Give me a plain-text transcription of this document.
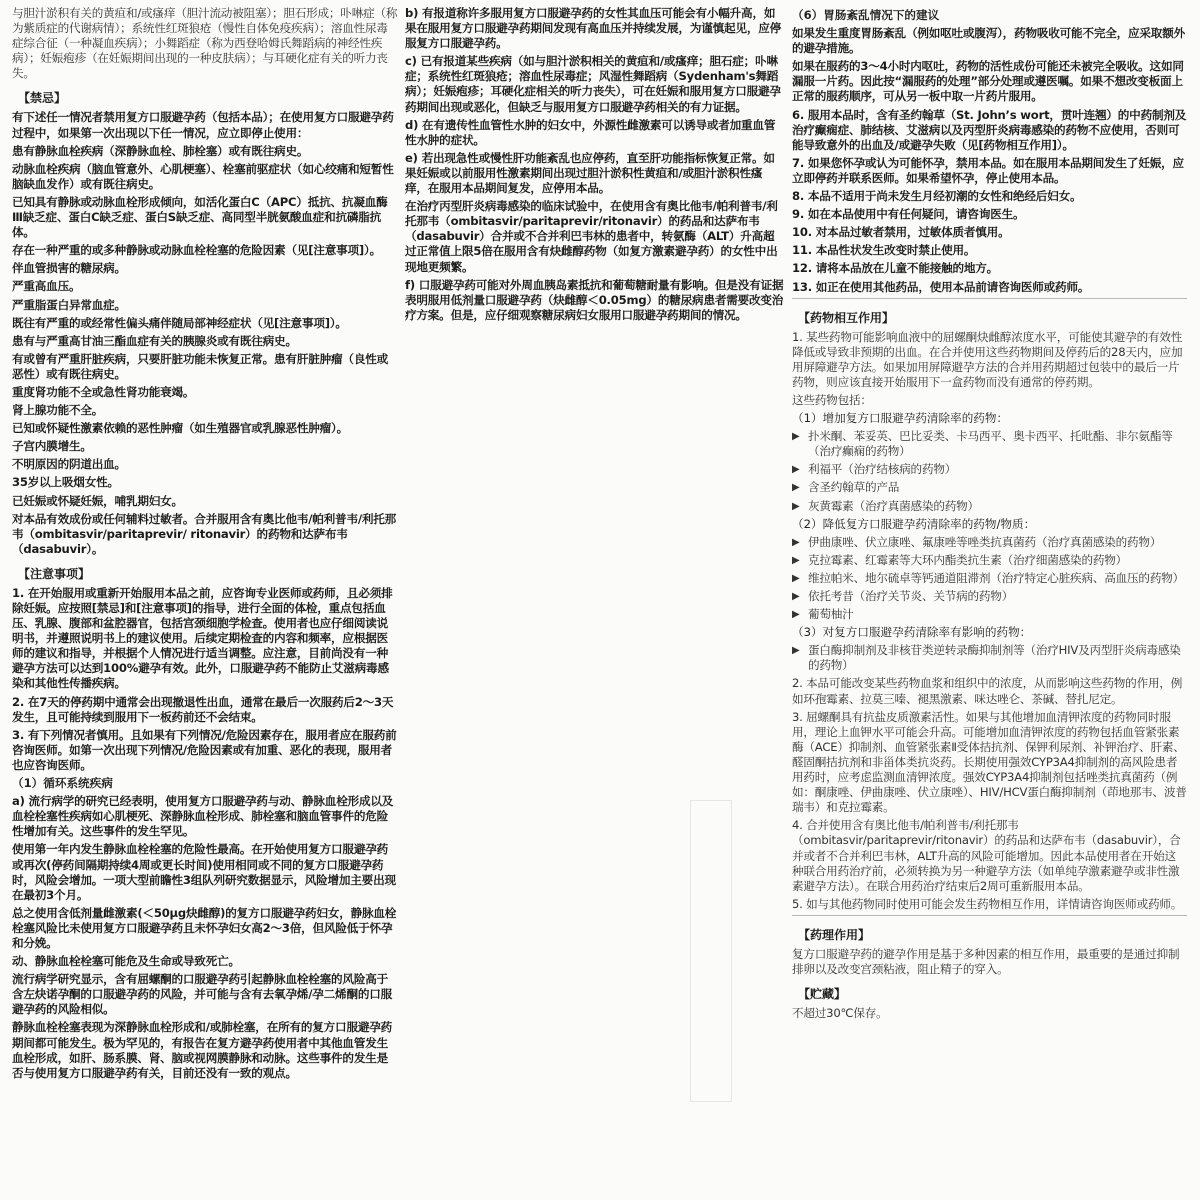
与胆汁淤积有关的黄疸和/或瘙痒（胆汁流动被阻塞）；胆石形成；卟啉症（称为紫质症的代谢病情）；系统性红斑狼疮（慢性自体免疫疾病）；溶血性尿毒症综合征（一种凝血疾病）；小舞蹈症（称为西登哈姆氏舞蹈病的神经性疾病）；妊娠疱疹（在妊娠期间出现的一种皮肤病）；与耳硬化症有关的听力丧失。

【禁忌】

有下述任一情况者禁用复方口服避孕药（包括本品）；在使用复方口服避孕药过程中，如果第一次出现以下任一情况，应立即停止使用：

患有静脉血栓疾病（深静脉血栓、肺栓塞）或有既往病史。

动脉血栓疾病（脑血管意外、心肌梗塞）、栓塞前驱症状（如心绞痛和短暂性脑缺血发作）或有既往病史。

已知具有静脉或动脉血栓形成倾向，如活化蛋白C（APC）抵抗、抗凝血酶Ⅲ缺乏症、蛋白C缺乏症、蛋白S缺乏症、高同型半胱氨酸血症和抗磷脂抗体。

存在一种严重的或多种静脉或动脉血栓栓塞的危险因素（见[注意事项]）。

伴血管损害的糖尿病。

严重高血压。

严重脂蛋白异常血症。

既往有严重的或经常性偏头痛伴随局部神经症状（见[注意事项]）。

患有与严重高甘油三酯血症有关的胰腺炎或有既往病史。

有或曾有严重肝脏疾病，只要肝脏功能未恢复正常。患有肝脏肿瘤（良性或恶性）或有既往病史。

重度肾功能不全或急性肾功能衰竭。

肾上腺功能不全。

已知或怀疑性激素依赖的恶性肿瘤（如生殖器官或乳腺恶性肿瘤）。

子宫内膜增生。

不明原因的阴道出血。

35岁以上吸烟女性。

已妊娠或怀疑妊娠，哺乳期妇女。

对本品有效成份或任何辅料过敏者。合并服用含有奥比他韦/帕利普韦/利托那韦（ombitasvir/paritaprevir/ ritonavir）的药物和达萨布韦（dasabuvir）。

【注意事项】

1. 在开始服用或重新开始服用本品之前，应咨询专业医师或药师，且必须排除妊娠。应按照[禁忌]和[注意事项]的指导，进行全面的体检，重点包括血压、乳腺、腹部和盆腔器官，包括宫颈细胞学检查。使用者也应仔细阅读说明书，并遵照说明书上的建议使用。后续定期检查的内容和频率，应根据医师的建议和指导，并根据个人情况进行适当调整。应注意，目前尚没有一种避孕方法可以达到100%避孕有效。此外，口服避孕药不能防止艾滋病毒感染和其他性传播疾病。

2. 在7天的停药期中通常会出现撤退性出血，通常在最后一次服药后2～3天发生，且可能持续到服用下一板药前还不会结束。

3. 有下列情况者慎用。且如果有下列情况/危险因素存在，服用者应在服药前咨询医师。如第一次出现下列情况/危险因素或有加重、恶化的表现，服用者也应咨询医师。

（1）循环系统疾病

a) 流行病学的研究已经表明，使用复方口服避孕药与动、静脉血栓形成以及血栓栓塞性疾病如心肌梗死、深静脉血栓形成、肺栓塞和脑血管事件的危险性增加有关。这些事件的发生罕见。

使用第一年内发生静脉血栓栓塞的危险性最高。在开始使用复方口服避孕药或再次(停药间隔期持续4周或更长时间)使用相同或不同的复方口服避孕药时，风险会增加。一项大型前瞻性3组队列研究数据显示，风险增加主要出现在最初3个月。

总之使用含低剂量雌激素(＜50μg炔雌醇)的复方口服避孕药妇女，静脉血栓栓塞风险比未使用复方口服避孕药且未怀孕妇女高2～3倍，但风险低于怀孕和分娩。

动、静脉血栓栓塞可能危及生命或导致死亡。

流行病学研究显示，含有屈螺酮的口服避孕药引起静脉血栓栓塞的风险高于含左炔诺孕酮的口服避孕药的风险，并可能与含有去氧孕烯/孕二烯酮的口服避孕药的风险相似。

静脉血栓栓塞表现为深静脉血栓形成和/或肺栓塞，在所有的复方口服避孕药期间都可能发生。极为罕见的，有报告在复方避孕药使用者中其他血管发生血栓形成，如肝、肠系膜、肾、脑或视网膜静脉和动脉。这些事件的发生是否与使用复方口服避孕药有关，目前还没有一致的观点。

b) 有报道称许多服用复方口服避孕药的女性其血压可能会有小幅升高，如果在服用复方口服避孕药期间发现有高血压并持续发展，为谨慎起见，应停服复方口服避孕药。

c) 已有报道某些疾病（如与胆汁淤积相关的黄疸和/或瘙痒；胆石症；卟啉症；系统性红斑狼疮；溶血性尿毒症；风湿性舞蹈病（Sydenham's舞蹈病）；妊娠疱疹；耳硬化症相关的听力丧失），可在妊娠和服用复方口服避孕药期间出现或恶化，但缺乏与服用复方口服避孕药相关的有力证据。

d) 在有遗传性血管性水肿的妇女中，外源性雌激素可以诱导或者加重血管性水肿的症状。

e) 若出现急性或慢性肝功能紊乱也应停药，直至肝功能指标恢复正常。如果妊娠或以前服用性激素期间出现过胆汁淤积性黄疸和/或胆汁淤积性瘙痒，在服用本品期间复发，应停用本品。

在治疗丙型肝炎病毒感染的临床试验中，在使用含有奥比他韦/帕利普韦/利托那韦（ombitasvir/paritaprevir/ritonavir）的药品和达萨布韦（dasabuvir）合并或不合并利巴韦林的患者中，转氨酶（ALT）升高超过正常值上限5倍在服用含有炔雌醇药物（如复方激素避孕药）的女性中出现地更频繁。

f) 口服避孕药可能对外周血胰岛素抵抗和葡萄糖耐量有影响。但是没有证据表明服用低剂量口服避孕药（炔雌醇＜0.05mg）的糖尿病患者需要改变治疗方案。但是，应仔细观察糖尿病妇女服用口服避孕药期间的情况。

（6）胃肠紊乱情况下的建议

如果发生重度胃肠紊乱（例如呕吐或腹泻），药物吸收可能不完全，应采取额外的避孕措施。

如果在服药的3～4小时内呕吐，药物的活性成份可能还未被完全吸收。这如同漏服一片药。因此按“漏服药的处理”部分处理或遵医嘱。如果不想改变板面上正常的服药顺序，可从另一板中取一片药片服用。

6. 服用本品时，含有圣约翰草（St. John’s wort，贯叶连翘）的中药制剂及治疗癫痫症、肺结核、艾滋病以及丙型肝炎病毒感染的药物不应使用，否则可能导致意外的出血及/或避孕失败（见[药物相互作用]）。

7. 如果您怀孕或认为可能怀孕，禁用本品。如在服用本品期间发生了妊娠，应立即停药并联系医师。如果希望怀孕，停止使用本品。

8. 本品不适用于尚未发生月经初潮的女性和绝经后妇女。

9. 如在本品使用中有任何疑问，请咨询医生。

10. 对本品过敏者禁用，过敏体质者慎用。

11. 本品性状发生改变时禁止使用。

12. 请将本品放在儿童不能接触的地方。

13. 如正在使用其他药品，使用本品前请咨询医师或药师。

【药物相互作用】

1. 某些药物可能影响血液中的屈螺酮炔雌醇浓度水平，可能使其避孕的有效性降低或导致非预期的出血。在合并使用这些药物期间及停药后的28天内，应加用屏障避孕方法。如果加用屏障避孕方法的合并用药期超过包装中的最后一片药物，则应该直接开始服用下一盒药物而没有通常的停药期。

这些药物包括：

（1）增加复方口服避孕药清除率的药物：

▶ 扑米酮、苯妥英、巴比妥类、卡马西平、奥卡西平、托吡酯、非尔氨酯等（治疗癫痫的药物）

▶ 利福平（治疗结核病的药物）

▶ 含圣约翰草的产品

▶ 灰黄霉素（治疗真菌感染的药物）

（2）降低复方口服避孕药清除率的药物/物质：

▶ 伊曲康唑、伏立康唑、氟康唑等唑类抗真菌药（治疗真菌感染的药物）

▶ 克拉霉素、红霉素等大环内酯类抗生素（治疗细菌感染的药物）

▶ 维拉帕米、地尔硫卓等钙通道阻滞剂（治疗特定心脏疾病、高血压的药物）

▶ 依托考昔（治疗关节炎、关节病的药物）

▶ 葡萄柚汁

（3）对复方口服避孕药清除率有影响的药物：

▶ 蛋白酶抑制剂及非核苷类逆转录酶抑制剂等（治疗HIV及丙型肝炎病毒感染的药物）

2. 本品可能改变某些药物血浆和组织中的浓度，从而影响这些药物的作用，例如环孢霉素、拉莫三嗪、褪黑激素、咪达唑仑、茶碱、替扎尼定。

3. 屈螺酮具有抗盐皮质激素活性。如果与其他增加血清钾浓度的药物同时服用，理论上血钾水平可能会升高。可能增加血清钾浓度的药物包括血管紧张素酶（ACE）抑制剂、血管紧张素Ⅱ受体拮抗剂、保钾利尿剂、补钾治疗、肝素、醛固酮拮抗剂和非甾体类抗炎药。长期使用强效CYP3A4抑制剂的高风险患者用药时，应考虑监测血清钾浓度。强效CYP3A4抑制剂包括唑类抗真菌药（例如：酮康唑、伊曲康唑、伏立康唑）、HIV/HCV蛋白酶抑制剂（茚地那韦、波普瑞韦）和克拉霉素。

4. 合并使用含有奥比他韦/帕利普韦/利托那韦（ombitasvir/paritaprevir/ritonavir）的药品和达萨布韦（dasabuvir），合并或者不合并利巴韦林，ALT升高的风险可能增加。因此本品使用者在开始这种联合用药治疗前，必须转换为另一种避孕方法（如单纯孕激素避孕或非性激素避孕方法）。在联合用药治疗结束后2周可重新服用本品。

5. 如与其他药物同时使用可能会发生药物相互作用，详情请咨询医师或药师。

【药理作用】

复方口服避孕药的避孕作用是基于多种因素的相互作用，最重要的是通过抑制排卵以及改变宫颈粘液，阻止精子的穿入。

【贮藏】

不超过30℃保存。
